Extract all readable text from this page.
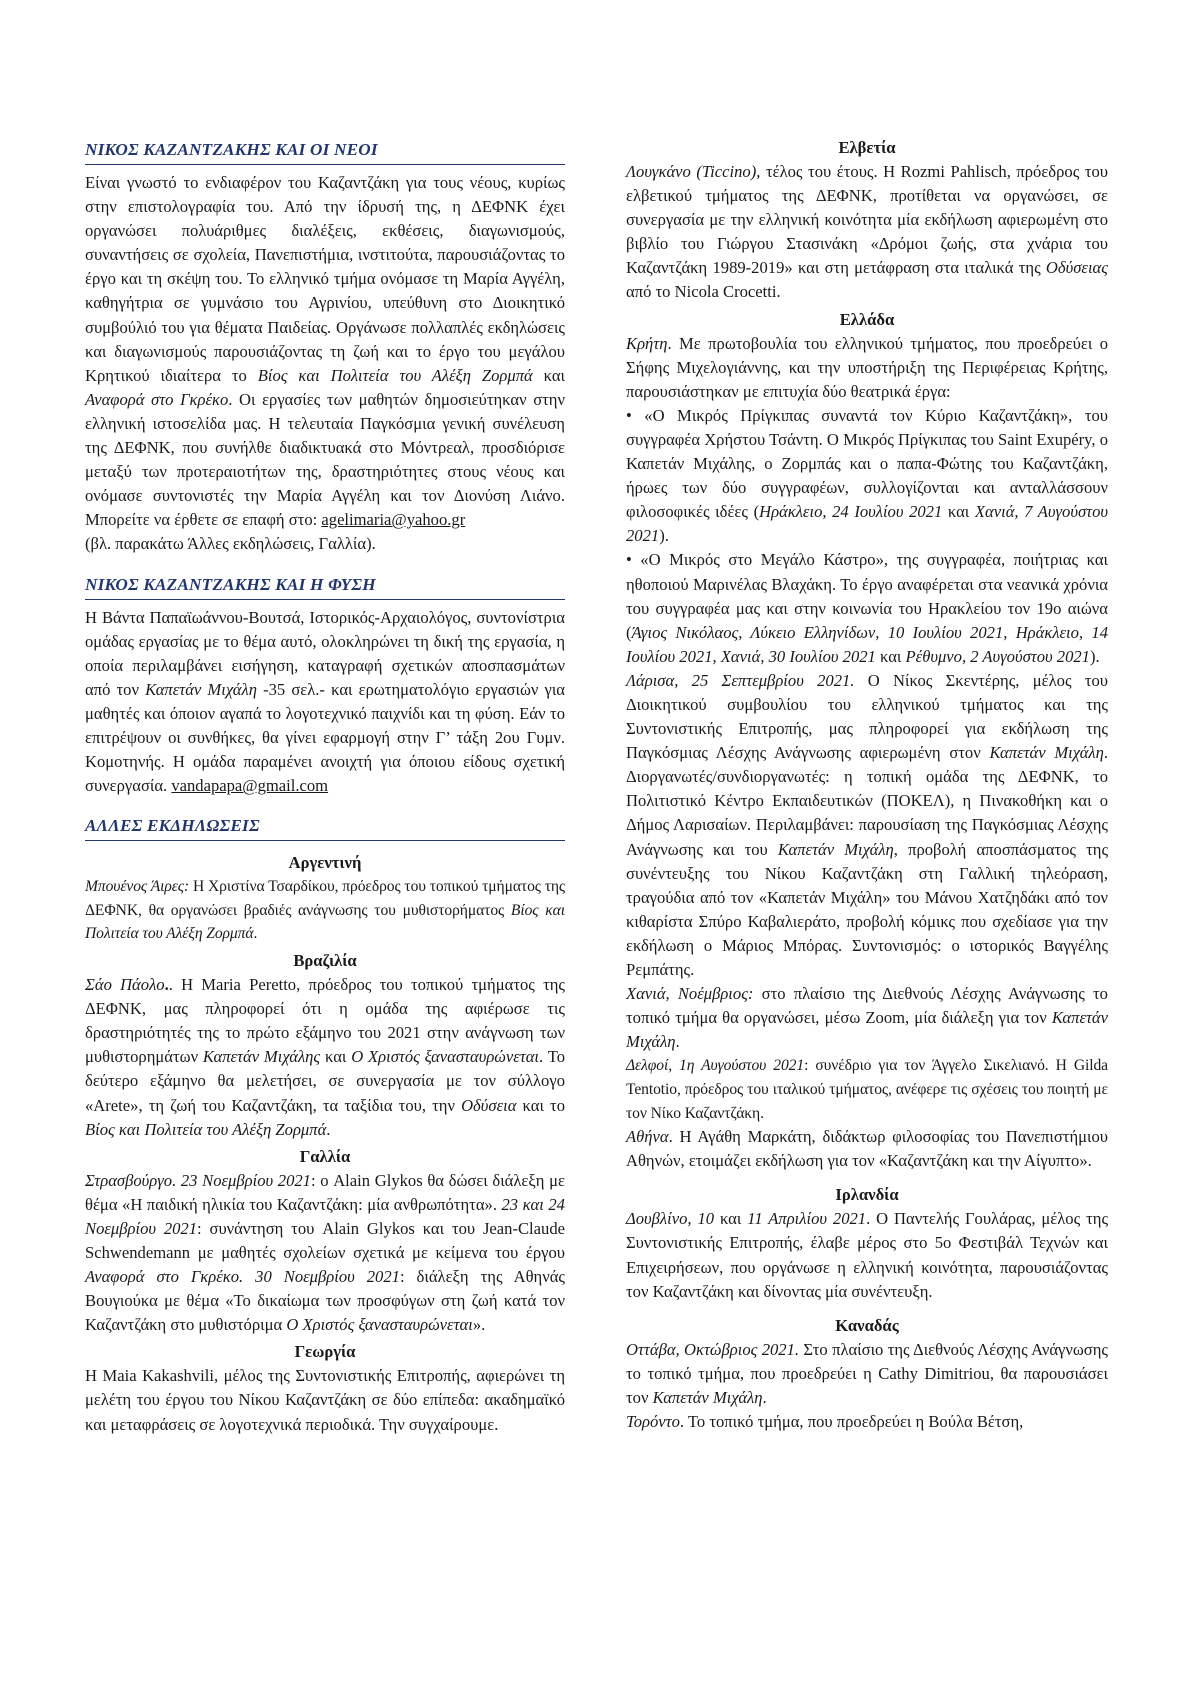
ΝΙΚΟΣ ΚΑΖΑΝΤΖΑΚΗΣ ΚΑΙ ΟΙ ΝΕΟΙ

Είναι γνωστό το ενδιαφέρον του Καζαντζάκη για τους νέους, κυρίως στην επιστολογραφία του. Από την ίδρυσή της, η ΔΕΦΝΚ έχει οργανώσει πολυάριθμες διαλέξεις, εκθέσεις, διαγωνισμούς, συναντήσεις σε σχολεία, Πανεπιστήμια, ινστιτούτα, παρουσιάζοντας το έργο και τη σκέψη του. Το ελληνικό τμήμα ονόμασε τη Μαρία Αγγέλη, καθηγήτρια σε γυμνάσιο του Αγρινίου, υπεύθυνη στο Διοικητικό συμβούλιό του για θέματα Παιδείας. Οργάνωσε πολλαπλές εκδηλώσεις και διαγωνισμούς παρουσιάζοντας τη ζωή και το έργο του μεγάλου Κρητικού ιδιαίτερα το Βίος και Πολιτεία του Αλέξη Ζορμπά και Αναφορά στο Γκρέκο. Οι εργασίες των μαθητών δημοσιεύτηκαν στην ελληνική ιστοσελίδα μας. Η τελευταία Παγκόσμια γενική συνέλευση της ΔΕΦΝΚ, που συνήλθε διαδικτυακά στο Μόντρεαλ, προσδιόρισε μεταξύ των προτεραιοτήτων της, δραστηριότητες στους νέους και ονόμασε συντονιστές την Μαρία Αγγέλη και τον Διονύση Λιάνο. Μπορείτε να έρθετε σε επαφή στο: agelimaria@yahoo.gr

(βλ. παρακάτω Άλλες εκδηλώσεις, Γαλλία).

ΝΙΚΟΣ ΚΑΖΑΝΤΖΑΚΗΣ ΚΑΙ Η ΦΥΣΗ

Η Βάντα Παπαϊωάννου-Βουτσά, Ιστορικός-Αρχαιολόγος, συντονίστρια ομάδας εργασίας με το θέμα αυτό, ολοκληρώνει τη δική της εργασία, η οποία περιλαμβάνει εισήγηση, καταγραφή σχετικών αποσπασμάτων από τον Καπετάν Μιχάλη -35 σελ.- και ερωτηματολόγιο εργασιών για μαθητές και όποιον αγαπά το λογοτεχνικό παιχνίδι και τη φύση. Εάν το επιτρέψουν οι συνθήκες, θα γίνει εφαρμογή στην Γ’ τάξη 2ου Γυμν. Κομοτηνής. Η ομάδα παραμένει ανοιχτή για όποιου είδους σχετική συνεργασία. vandapapa@gmail.com

ΑΛΛΕΣ ΕΚΔΗΛΩΣΕΙΣ
Αργεντινή

Μπουένος Άιρες: Η Χριστίνα Τσαρδίκου, πρόεδρος του τοπικού τμήματος της ΔΕΦΝΚ, θα οργανώσει βραδιές ανάγνωσης του μυθιστορήματος Βίος και Πολιτεία του Αλέξη Ζορμπά.

Βραζιλία

Σάο Πάολο.. Η Maria Peretto, πρόεδρος του τοπικού τμήματος της ΔΕΦΝΚ, μας πληροφορεί ότι η ομάδα της αφιέρωσε τις δραστηριότητές της το πρώτο εξάμηνο του 2021 στην ανάγνωση των μυθιστορημάτων Καπετάν Μιχάλης και Ο Χριστός ξανασταυρώνεται. Το δεύτερο εξάμηνο θα μελετήσει, σε συνεργασία με τον σύλλογο «Arete», τη ζωή του Καζαντζάκη, τα ταξίδια του, την Οδύσεια και το Βίος και Πολιτεία του Αλέξη Ζορμπά.

Γαλλία

Στρασβούργο. 23 Νοεμβρίου 2021: ο Alain Glykos θα δώσει διάλεξη με θέμα «Η παιδική ηλικία του Καζαντζάκη: μία ανθρωπότητα». 23 και 24 Νοεμβρίου 2021: συνάντηση του Alain Glykos και του Jean-Claude Schwendemann με μαθητές σχολείων σχετικά με κείμενα του έργου Αναφορά στο Γκρέκο. 30 Νοεμβρίου 2021: διάλεξη της Αθηνάς Βουγιούκα με θέμα «Το δικαίωμα των προσφύγων στη ζωή κατά τον Καζαντζάκη στο μυθιστόριμα Ο Χριστός ξανασταυρώνεται».

Γεωργία

Η Maia Kakashvili, μέλος της Συντονιστικής Επιτροπής, αφιερώνει τη μελέτη του έργου του Νίκου Καζαντζάκη σε δύο επίπεδα: ακαδημαϊκό και μεταφράσεις σε λογοτεχνικά περιοδικά. Την συγχαίρουμε.

Ελβετία

Λουγκάνο (Ticcino), τέλος του έτους. Η Rozmi Pahlisch, πρόεδρος του ελβετικού τμήματος της ΔΕΦΝΚ, προτίθεται να οργανώσει, σε συνεργασία με την ελληνική κοινότητα μία εκδήλωση αφιερωμένη στο βιβλίο του Γιώργου Στασινάκη «Δρόμοι ζωής, στα χνάρια του Καζαντζάκη 1989-2019» και στη μετάφραση στα ιταλικά της Οδύσειας από το Nicola Crocetti.

Ελλάδα

Κρήτη. Με πρωτοβουλία του ελληνικού τμήματος, που προεδρεύει ο Σήφης Μιχελογιάννης, και την υποστήριξη της Περιφέρειας Κρήτης, παρουσιάστηκαν με επιτυχία δύο θεατρικά έργα:

• «Ο Μικρός Πρίγκιπας συναντά τον Κύριο Καζαντζάκη», του συγγραφέα Χρήστου Τσάντη. Ο Μικρός Πρίγκιπας του Saint Exupéry, ο Καπετάν Μιχάλης, ο Ζορμπάς και ο παπα-Φώτης του Καζαντζάκη, ήρωες των δύο συγγραφέων, συλλογίζονται και ανταλλάσσουν φιλοσοφικές ιδέες (Ηράκλειο, 24 Ιουλίου 2021 και Χανιά, 7 Αυγούστου 2021).

• «Ο Μικρός στο Μεγάλο Κάστρο», της συγγραφέα, ποιήτριας και ηθοποιού Μαρινέλας Βλαχάκη. Το έργο αναφέρεται στα νεανικά χρόνια του συγγραφέα μας και στην κοινωνία του Ηρακλείου τον 19ο αιώνα (Άγιος Νικόλαος, Λύκειο Ελληνίδων, 10 Ιουλίου 2021, Ηράκλειο, 14 Ιουλίου 2021, Χανιά, 30 Ιουλίου 2021 και Ρέθυμνο, 2 Αυγούστου 2021).

Λάρισα, 25 Σεπτεμβρίου 2021. Ο Νίκος Σκεντέρης, μέλος του Διοικητικού συμβουλίου του ελληνικού τμήματος και της Συντονιστικής Επιτροπής, μας πληροφορεί για εκδήλωση της Παγκόσμιας Λέσχης Ανάγνωσης αφιερωμένη στον Καπετάν Μιχάλη. Διοργανωτές/συνδιοργανωτές: η τοπική ομάδα της ΔΕΦΝΚ, το Πολιτιστικό Κέντρο Εκπαιδευτικών (ΠΟΚΕΛ), η Πινακοθήκη και ο Δήμος Λαρισαίων. Περιλαμβάνει: παρουσίαση της Παγκόσμιας Λέσχης Ανάγνωσης και του Καπετάν Μιχάλη, προβολή αποσπάσματος της συνέντευξης του Νίκου Καζαντζάκη στη Γαλλική τηλεόραση, τραγούδια από τον «Καπετάν Μιχάλη» του Μάνου Χατζηδάκι από τον κιθαρίστα Σπύρο Καβαλιεράτο, προβολή κόμικς που σχεδίασε για την εκδήλωση ο Μάριος Μπόρας. Συντονισμός: ο ιστορικός Βαγγέλης Ρεμπάτης.

Χανιά, Νοέμβριος: στο πλαίσιο της Διεθνούς Λέσχης Ανάγνωσης το τοπικό τμήμα θα οργανώσει, μέσω Zoom, μία διάλεξη για τον Καπετάν Μιχάλη.

Δελφοί, 1η Αυγούστου 2021: συνέδριο για τον Άγγελο Σικελιανό. Η Gilda Tentotio, πρόεδρος του ιταλικού τμήματος, ανέφερε τις σχέσεις του ποιητή με τον Νίκο Καζαντζάκη.

Αθήνα. Η Αγάθη Μαρκάτη, διδάκτωρ φιλοσοφίας του Πανεπιστήμιου Αθηνών, ετοιμάζει εκδήλωση για τον «Καζαντζάκη και την Αίγυπτο».

Ιρλανδία

Δουβλίνο, 10 και 11 Απριλίου 2021. Ο Παντελής Γουλάρας, μέλος της Συντονιστικής Επιτροπής, έλαβε μέρος στο 5ο Φεστιβάλ Τεχνών και Επιχειρήσεων, που οργάνωσε η ελληνική κοινότητα, παρουσιάζοντας τον Καζαντζάκη και δίνοντας μία συνέντευξη.

Καναδάς

Οττάβα, Οκτώβριος 2021. Στο πλαίσιο της Διεθνούς Λέσχης Ανάγνωσης το τοπικό τμήμα, που προεδρεύει η Cathy Dimitriou, θα παρουσιάσει τον Καπετάν Μιχάλη.

Τορόντο. Το τοπικό τμήμα, που προεδρεύει η Βούλα Βέτση,
